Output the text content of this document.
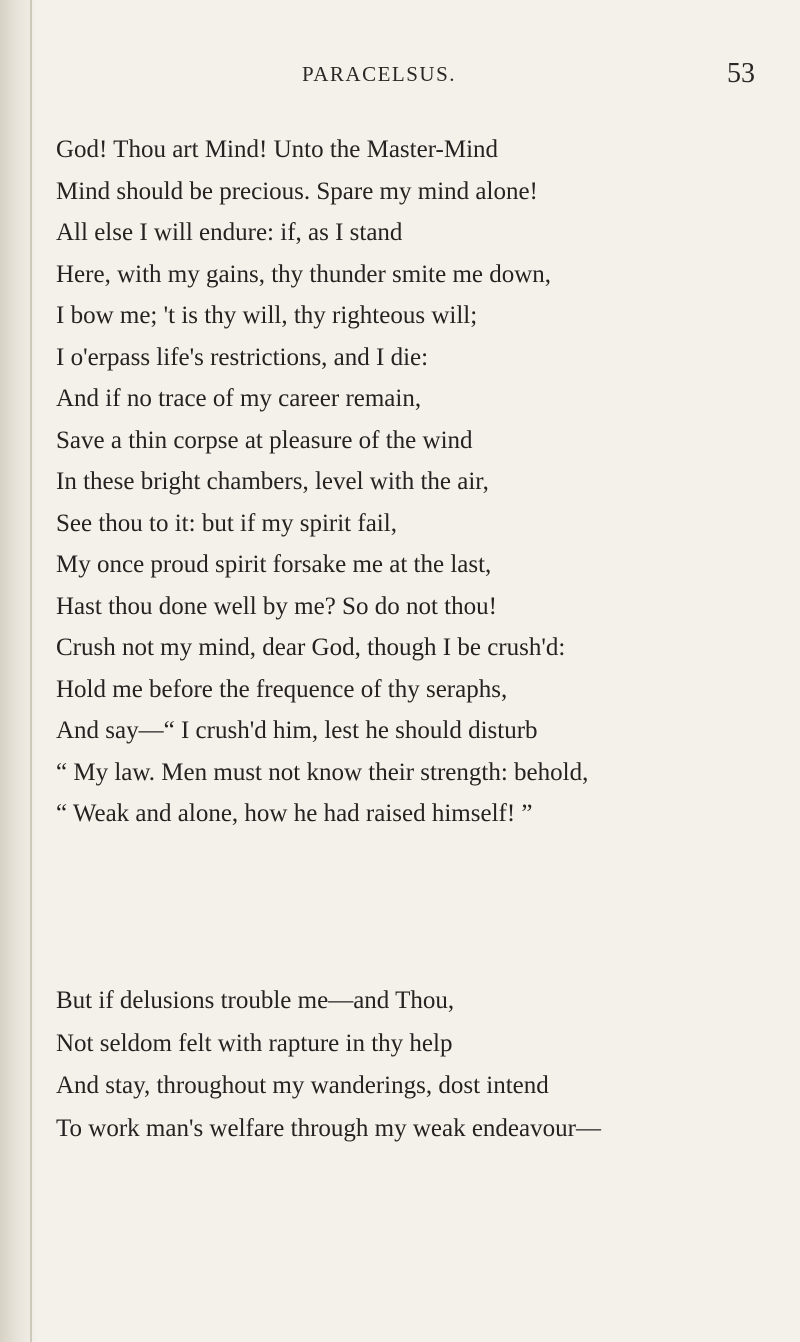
PARACELSUS.	53
God! Thou art Mind! Unto the Master-Mind
Mind should be precious. Spare my mind alone!
All else I will endure: if, as I stand
Here, with my gains, thy thunder smite me down,
I bow me; 't is thy will, thy righteous will;
I o'erpass life's restrictions, and I die:
And if no trace of my career remain,
Save a thin corpse at pleasure of the wind
In these bright chambers, level with the air,
See thou to it: but if my spirit fail,
My once proud spirit forsake me at the last,
Hast thou done well by me? So do not thou!
Crush not my mind, dear God, though I be crush'd:
Hold me before the frequence of thy seraphs,
And say—“ I crush'd him, lest he should disturb
“ My law. Men must not know their strength: behold,
“ Weak and alone, how he had raised himself! ”
But if delusions trouble me—and Thou,
Not seldom felt with rapture in thy help
And stay, throughout my wanderings, dost intend
To work man's welfare through my weak endeavour—
